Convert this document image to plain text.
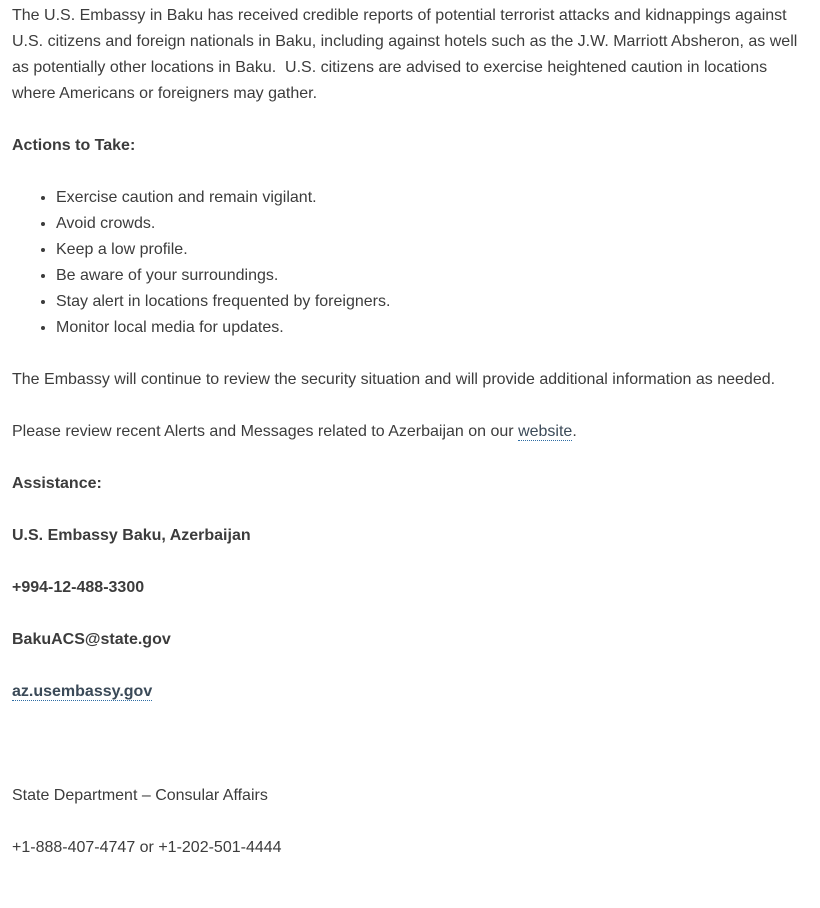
The U.S. Embassy in Baku has received credible reports of potential terrorist attacks and kidnappings against U.S. citizens and foreign nationals in Baku, including against hotels such as the J.W. Marriott Absheron, as well as potentially other locations in Baku.  U.S. citizens are advised to exercise heightened caution in locations where Americans or foreigners may gather.

Actions to Take:

• Exercise caution and remain vigilant.
• Avoid crowds.
• Keep a low profile.
• Be aware of your surroundings.
• Stay alert in locations frequented by foreigners.
• Monitor local media for updates.

The Embassy will continue to review the security situation and will provide additional information as needed.

Please review recent Alerts and Messages related to Azerbaijan on our website.

Assistance:

U.S. Embassy Baku, Azerbaijan

+994-12-488-3300

BakuACS@state.gov

az.usembassy.gov

State Department – Consular Affairs

+1-888-407-4747 or +1-202-501-4444
